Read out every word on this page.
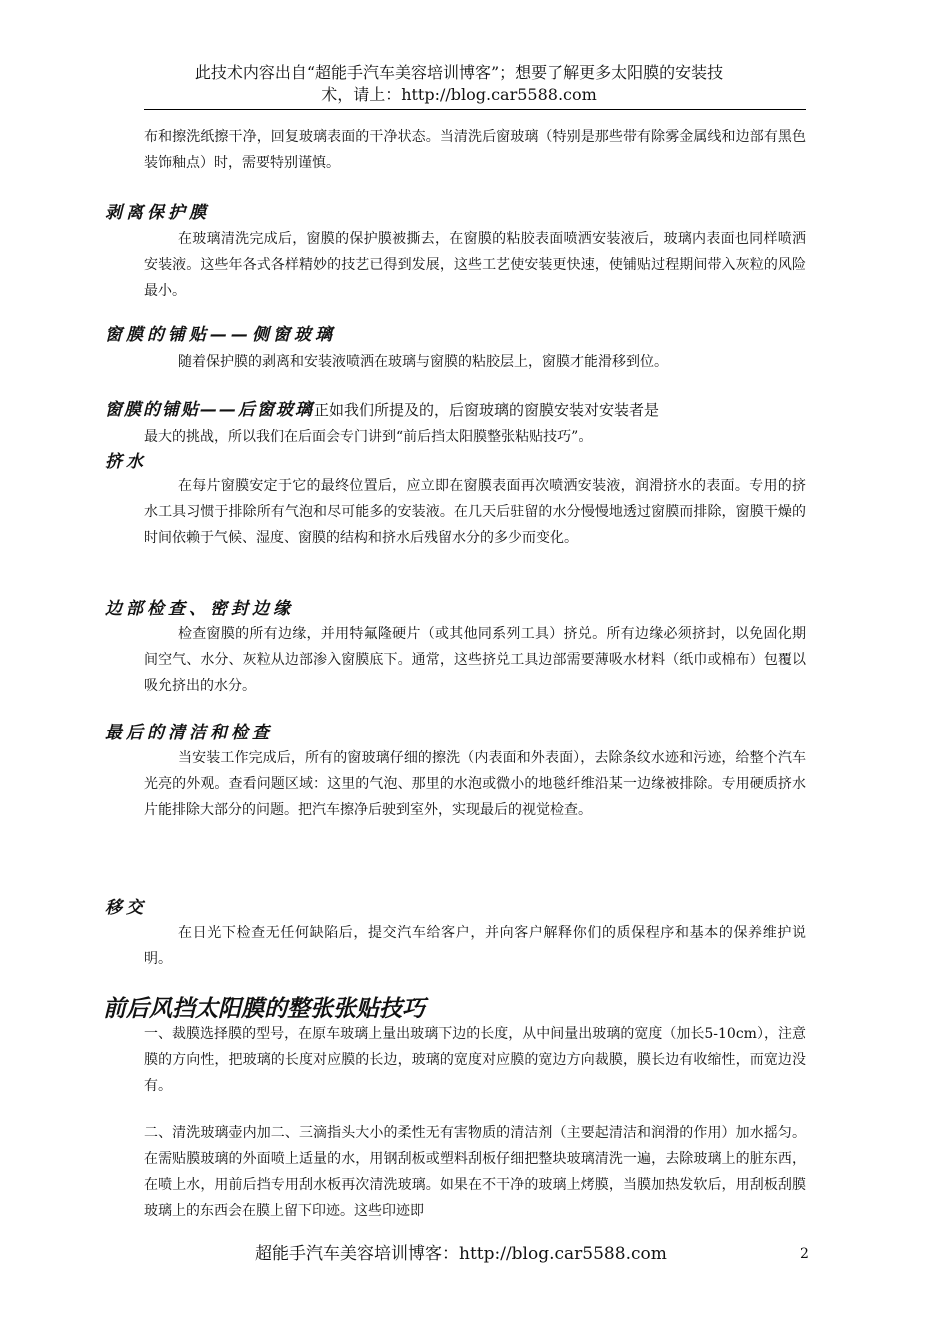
此技术内容出自“超能手汽车美容培训博客”；想要了解更多太阳膜的安装技
术，请上：http://blog.car5588.com

布和擦洗纸擦干净，回复玻璃表面的干净状态。当清洗后窗玻璃（特别是那些带有除雾金属线和边部有黑色装饰釉点）时，需要特别谨慎。

剥离保护膜

在玻璃清洗完成后，窗膜的保护膜被撕去，在窗膜的粘胶表面喷洒安装液后，玻璃内表面也同样喷洒安装液。这些年各式各样精妙的技艺已得到发展，这些工艺使安装更快速，使铺贴过程期间带入灰粒的风险最小。

窗膜的铺贴——侧窗玻璃

随着保护膜的剥离和安装液喷洒在玻璃与窗膜的粘胶层上，窗膜才能滑移到位。

窗膜的铺贴——后窗玻璃正如我们所提及的，后窗玻璃的窗膜安装对安装者是

最大的挑战，所以我们在后面会专门讲到“前后挡太阳膜整张粘贴技巧”。

挤水

在每片窗膜安定于它的最终位置后，应立即在窗膜表面再次喷洒安装液，润滑挤水的表面。专用的挤水工具习惯于排除所有气泡和尽可能多的安装液。在几天后驻留的水分慢慢地透过窗膜而排除，窗膜干燥的时间依赖于气候、湿度、窗膜的结构和挤水后残留水分的多少而变化。

边部检查、密封边缘

检查窗膜的所有边缘，并用特氟隆硬片（或其他同系列工具）挤兑。所有边缘必须挤封，以免固化期间空气、水分、灰粒从边部渗入窗膜底下。通常，这些挤兑工具边部需要薄吸水材料（纸巾或棉布）包覆以吸允挤出的水分。

最后的清洁和检查

当安装工作完成后，所有的窗玻璃仔细的擦洗（内表面和外表面），去除条纹水迹和污迹，给整个汽车光亮的外观。查看问题区域：这里的气泡、那里的水泡或微小的地毯纤维沿某一边缘被排除。专用硬质挤水片能排除大部分的问题。把汽车擦净后驶到室外，实现最后的视觉检查。

移交

在日光下检查无任何缺陷后，提交汽车给客户，并向客户解释你们的质保程序和基本的保养维护说明。

前后风挡太阳膜的整张张贴技巧

一、裁膜选择膜的型号，在原车玻璃上量出玻璃下边的长度，从中间量出玻璃的宽度（加长5-10cm），注意膜的方向性，把玻璃的长度对应膜的长边，玻璃的宽度对应膜的宽边方向裁膜，膜长边有收缩性，而宽边没有。

二、清洗玻璃壶内加二、三滴指头大小的柔性无有害物质的清洁剂（主要起清洁和润滑的作用）加水摇匀。在需贴膜玻璃的外面喷上适量的水，用钢刮板或塑料刮板仔细把整块玻璃清洗一遍，去除玻璃上的脏东西，在喷上水，用前后挡专用刮水板再次清洗玻璃。如果在不干净的玻璃上烤膜，当膜加热发软后，用刮板刮膜玻璃上的东西会在膜上留下印迹。这些印迹即

超能手汽车美容培训博客：http://blog.car5588.com	2
